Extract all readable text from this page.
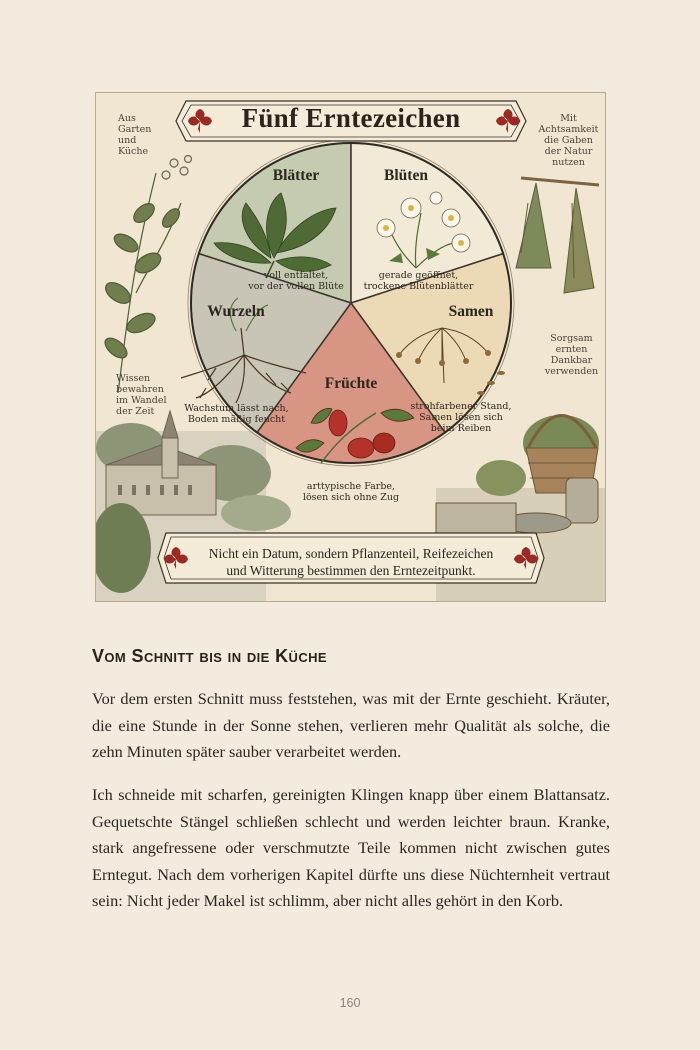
Fünf Erntezeichen
Aus
Garten
und
Küche
Mit
Achtsamkeit
die Gaben
der Natur
nutzen
Wissen
bewahren
im Wandel
der Zeit
Sorgsam
ernten
Dankbar
verwenden
Blätter
voll entfaltet,
vor der vollen Blüte
Blüten
gerade geöffnet,
trockene Blütenblätter
Wurzeln
Wachstum lässt nach,
Boden mäßig feucht
Samen
strohfarbener Stand,
Samen lösen sich
beim Reiben
Früchte
arttypische Farbe,
lösen sich ohne Zug
Nicht ein Datum, sondern Pflanzenteil, Reifezeichen
und Witterung bestimmen den Erntezeitpunkt.
Vom Schnitt bis in die Küche

Vor dem ersten Schnitt muss feststehen, was mit der Ernte geschieht. Kräuter, die eine Stunde in der Sonne stehen, verlieren mehr Qualität als solche, die zehn Minuten später sauber verarbeitet werden.

Ich schneide mit scharfen, gereinigten Klingen knapp über einem Blattansatz. Gequetschte Stängel schließen schlecht und werden leichter braun. Kranke, stark angefressene oder verschmutzte Teile kommen nicht zwischen gutes Erntegut. Nach dem vorherigen Kapitel dürfte uns diese Nüchternheit vertraut sein: Nicht jeder Makel ist schlimm, aber nicht alles gehört in den Korb.

160
